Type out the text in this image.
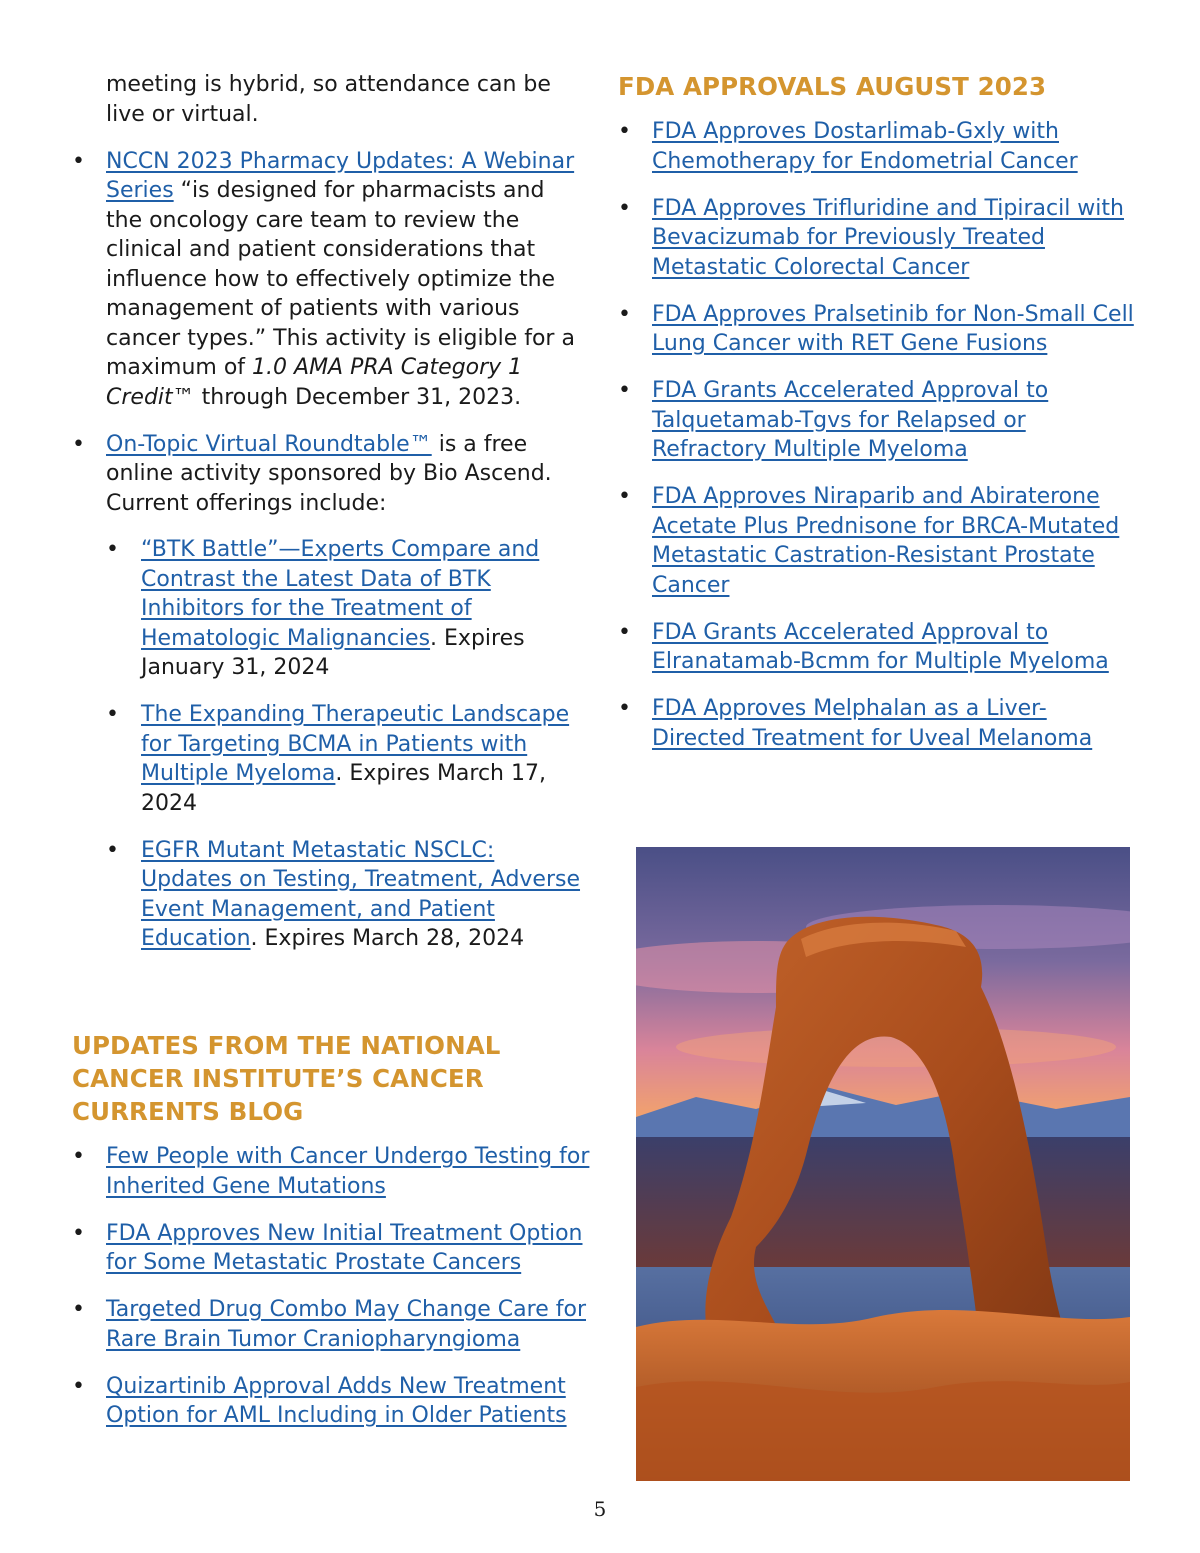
meeting is hybrid, so attendance can be live or virtual.
• NCCN 2023 Pharmacy Updates: A Webinar Series “is designed for pharmacists and the oncology care team to review the clinical and patient considerations that influence how to effectively optimize the management of patients with various cancer types.” This activity is eligible for a maximum of 1.0 AMA PRA Category 1 Credit™ through December 31, 2023.
• On-Topic Virtual Roundtable™ is a free online activity sponsored by Bio Ascend. Current offerings include:
• “BTK Battle”—Experts Compare and Contrast the Latest Data of BTK Inhibitors for the Treatment of Hematologic Malignancies. Expires January 31, 2024
• The Expanding Therapeutic Landscape for Targeting BCMA in Patients with Multiple Myeloma. Expires March 17, 2024
• EGFR Mutant Metastatic NSCLC: Updates on Testing, Treatment, Adverse Event Management, and Patient Education. Expires March 28, 2024
UPDATES FROM THE NATIONAL CANCER INSTITUTE’S CANCER CURRENTS BLOG
• Few People with Cancer Undergo Testing for Inherited Gene Mutations
• FDA Approves New Initial Treatment Option for Some Metastatic Prostate Cancers
• Targeted Drug Combo May Change Care for Rare Brain Tumor Craniopharyngioma
• Quizartinib Approval Adds New Treatment Option for AML Including in Older Patients
FDA APPROVALS AUGUST 2023
• FDA Approves Dostarlimab-Gxly with Chemotherapy for Endometrial Cancer
• FDA Approves Trifluridine and Tipiracil with Bevacizumab for Previously Treated Metastatic Colorectal Cancer
• FDA Approves Pralsetinib for Non-Small Cell Lung Cancer with RET Gene Fusions
• FDA Grants Accelerated Approval to Talquetamab-Tgvs for Relapsed or Refractory Multiple Myeloma
• FDA Approves Niraparib and Abiraterone Acetate Plus Prednisone for BRCA-Mutated Metastatic Castration-Resistant Prostate Cancer
• FDA Grants Accelerated Approval to Elranatamab-Bcmm for Multiple Myeloma
• FDA Approves Melphalan as a Liver-Directed Treatment for Uveal Melanoma
5
